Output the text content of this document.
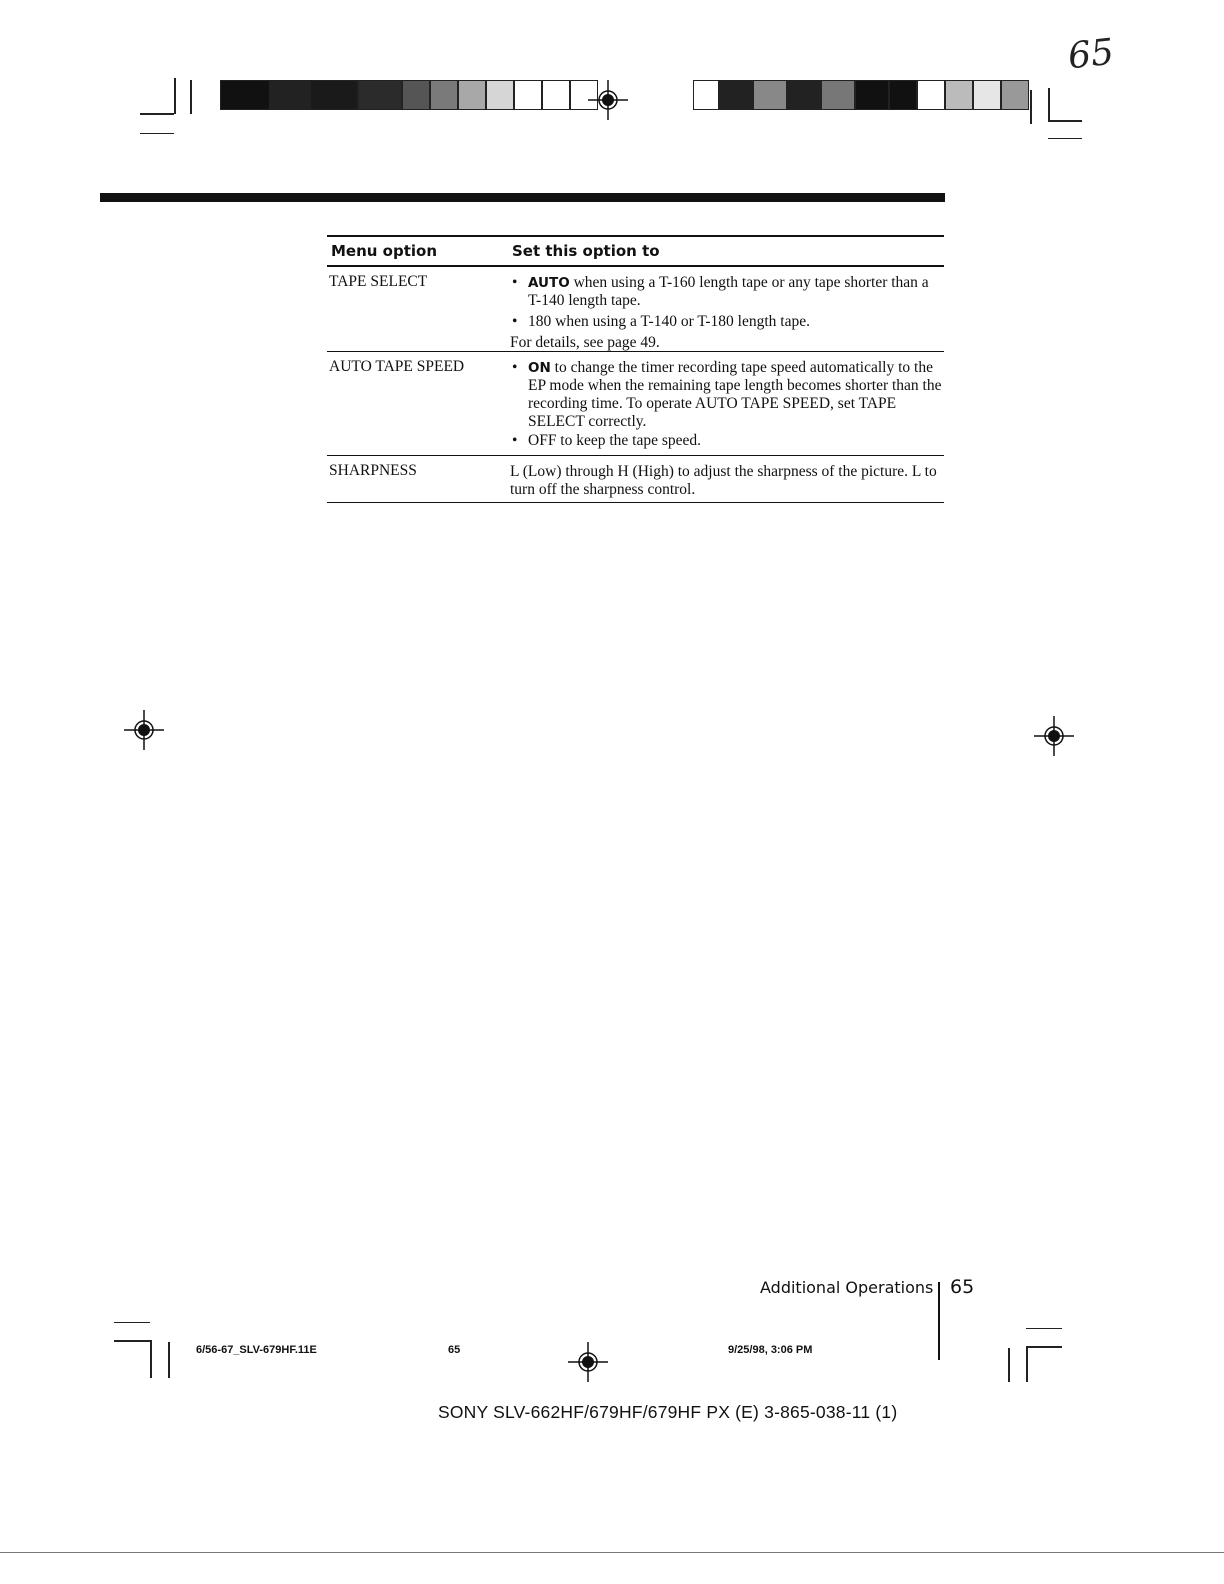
65
Menu option	Set this option to
TAPE SELECT	• AUTO when using a T-160 length tape or any tape shorter than a T-140 length tape.
• 180 when using a T-140 or T-180 length tape.
For details, see page 49.
AUTO TAPE SPEED	• ON to change the timer recording tape speed automatically to the EP mode when the remaining tape length becomes shorter than the recording time. To operate AUTO TAPE SPEED, set TAPE SELECT correctly.
• OFF to keep the tape speed.
SHARPNESS	L (Low) through H (High) to adjust the sharpness of the picture. L to turn off the sharpness control.
Additional Operations 65
6/56-67_SLV-679HF.11E	65	9/25/98, 3:06 PM
SONY SLV-662HF/679HF/679HF PX (E) 3-865-038-11 (1)
